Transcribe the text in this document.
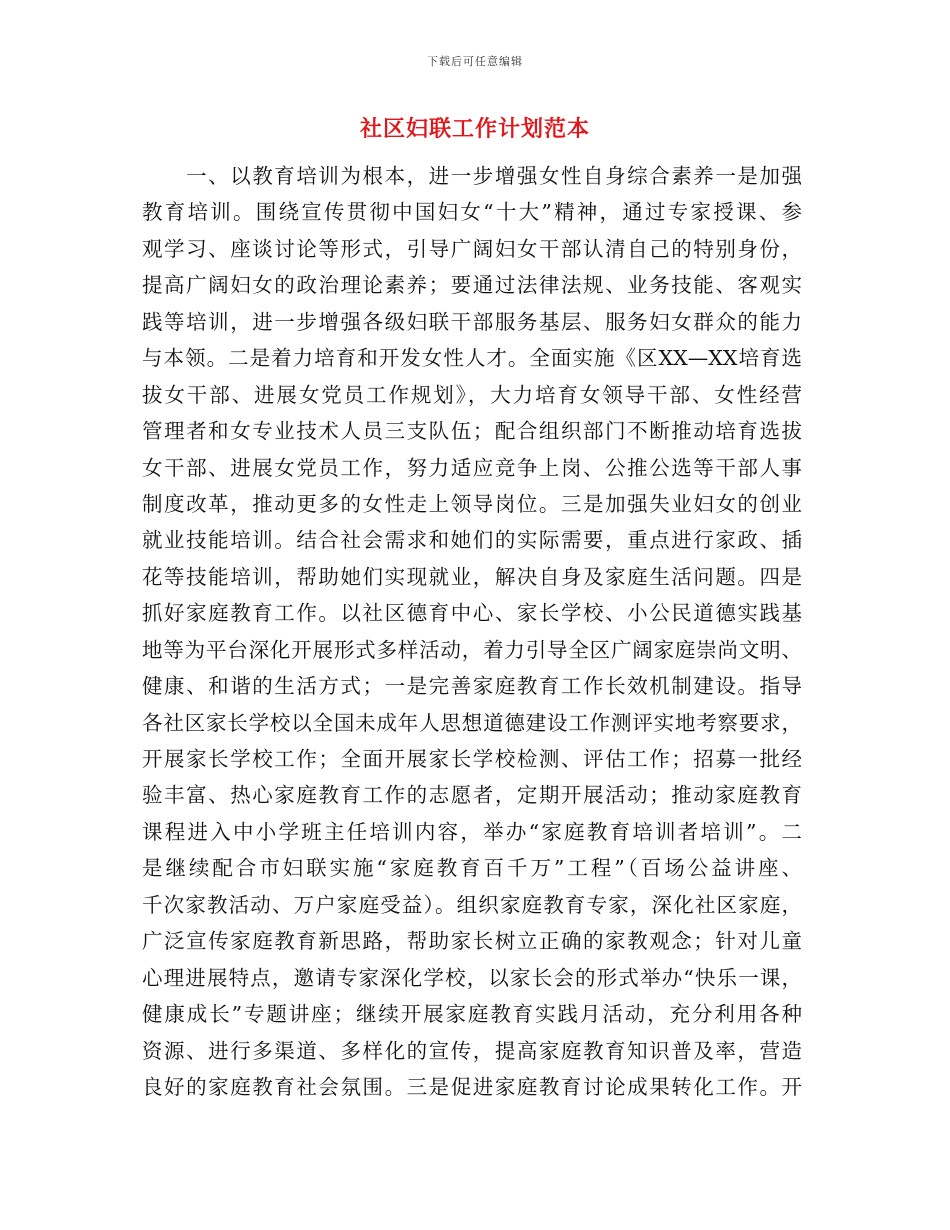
下载后可任意编辑
社区妇联工作计划范本
　　一、以教育培训为根本，进一步增强女性自身综合素养一是加强
教育培训。围绕宣传贯彻中国妇女“十大”精神，通过专家授课、参
观学习、座谈讨论等形式，引导广阔妇女干部认清自己的特别身份，
提高广阔妇女的政治理论素养；要通过法律法规、业务技能、客观实
践等培训，进一步增强各级妇联干部服务基层、服务妇女群众的能力
与本领。二是着力培育和开发女性人才。全面实施《区XX—XX培育选
拔女干部、进展女党员工作规划》，大力培育女领导干部、女性经营
管理者和女专业技术人员三支队伍；配合组织部门不断推动培育选拔
女干部、进展女党员工作，努力适应竞争上岗、公推公选等干部人事
制度改革，推动更多的女性走上领导岗位。三是加强失业妇女的创业
就业技能培训。结合社会需求和她们的实际需要，重点进行家政、插
花等技能培训，帮助她们实现就业，解决自身及家庭生活问题。四是
抓好家庭教育工作。以社区德育中心、家长学校、小公民道德实践基
地等为平台深化开展形式多样活动，着力引导全区广阔家庭崇尚文明、
健康、和谐的生活方式；一是完善家庭教育工作长效机制建设。指导
各社区家长学校以全国未成年人思想道德建设工作测评实地考察要求，
开展家长学校工作；全面开展家长学校检测、评估工作；招募一批经
验丰富、热心家庭教育工作的志愿者，定期开展活动；推动家庭教育
课程进入中小学班主任培训内容，举办“家庭教育培训者培训”。二
是继续配合市妇联实施“家庭教育百千万”工程”（百场公益讲座、
千次家教活动、万户家庭受益）。组织家庭教育专家，深化社区家庭，
广泛宣传家庭教育新思路，帮助家长树立正确的家教观念；针对儿童
心理进展特点，邀请专家深化学校，以家长会的形式举办“快乐一课，
健康成长”专题讲座；继续开展家庭教育实践月活动，充分利用各种
资源、进行多渠道、多样化的宣传，提高家庭教育知识普及率，营造
良好的家庭教育社会氛围。三是促进家庭教育讨论成果转化工作。开
